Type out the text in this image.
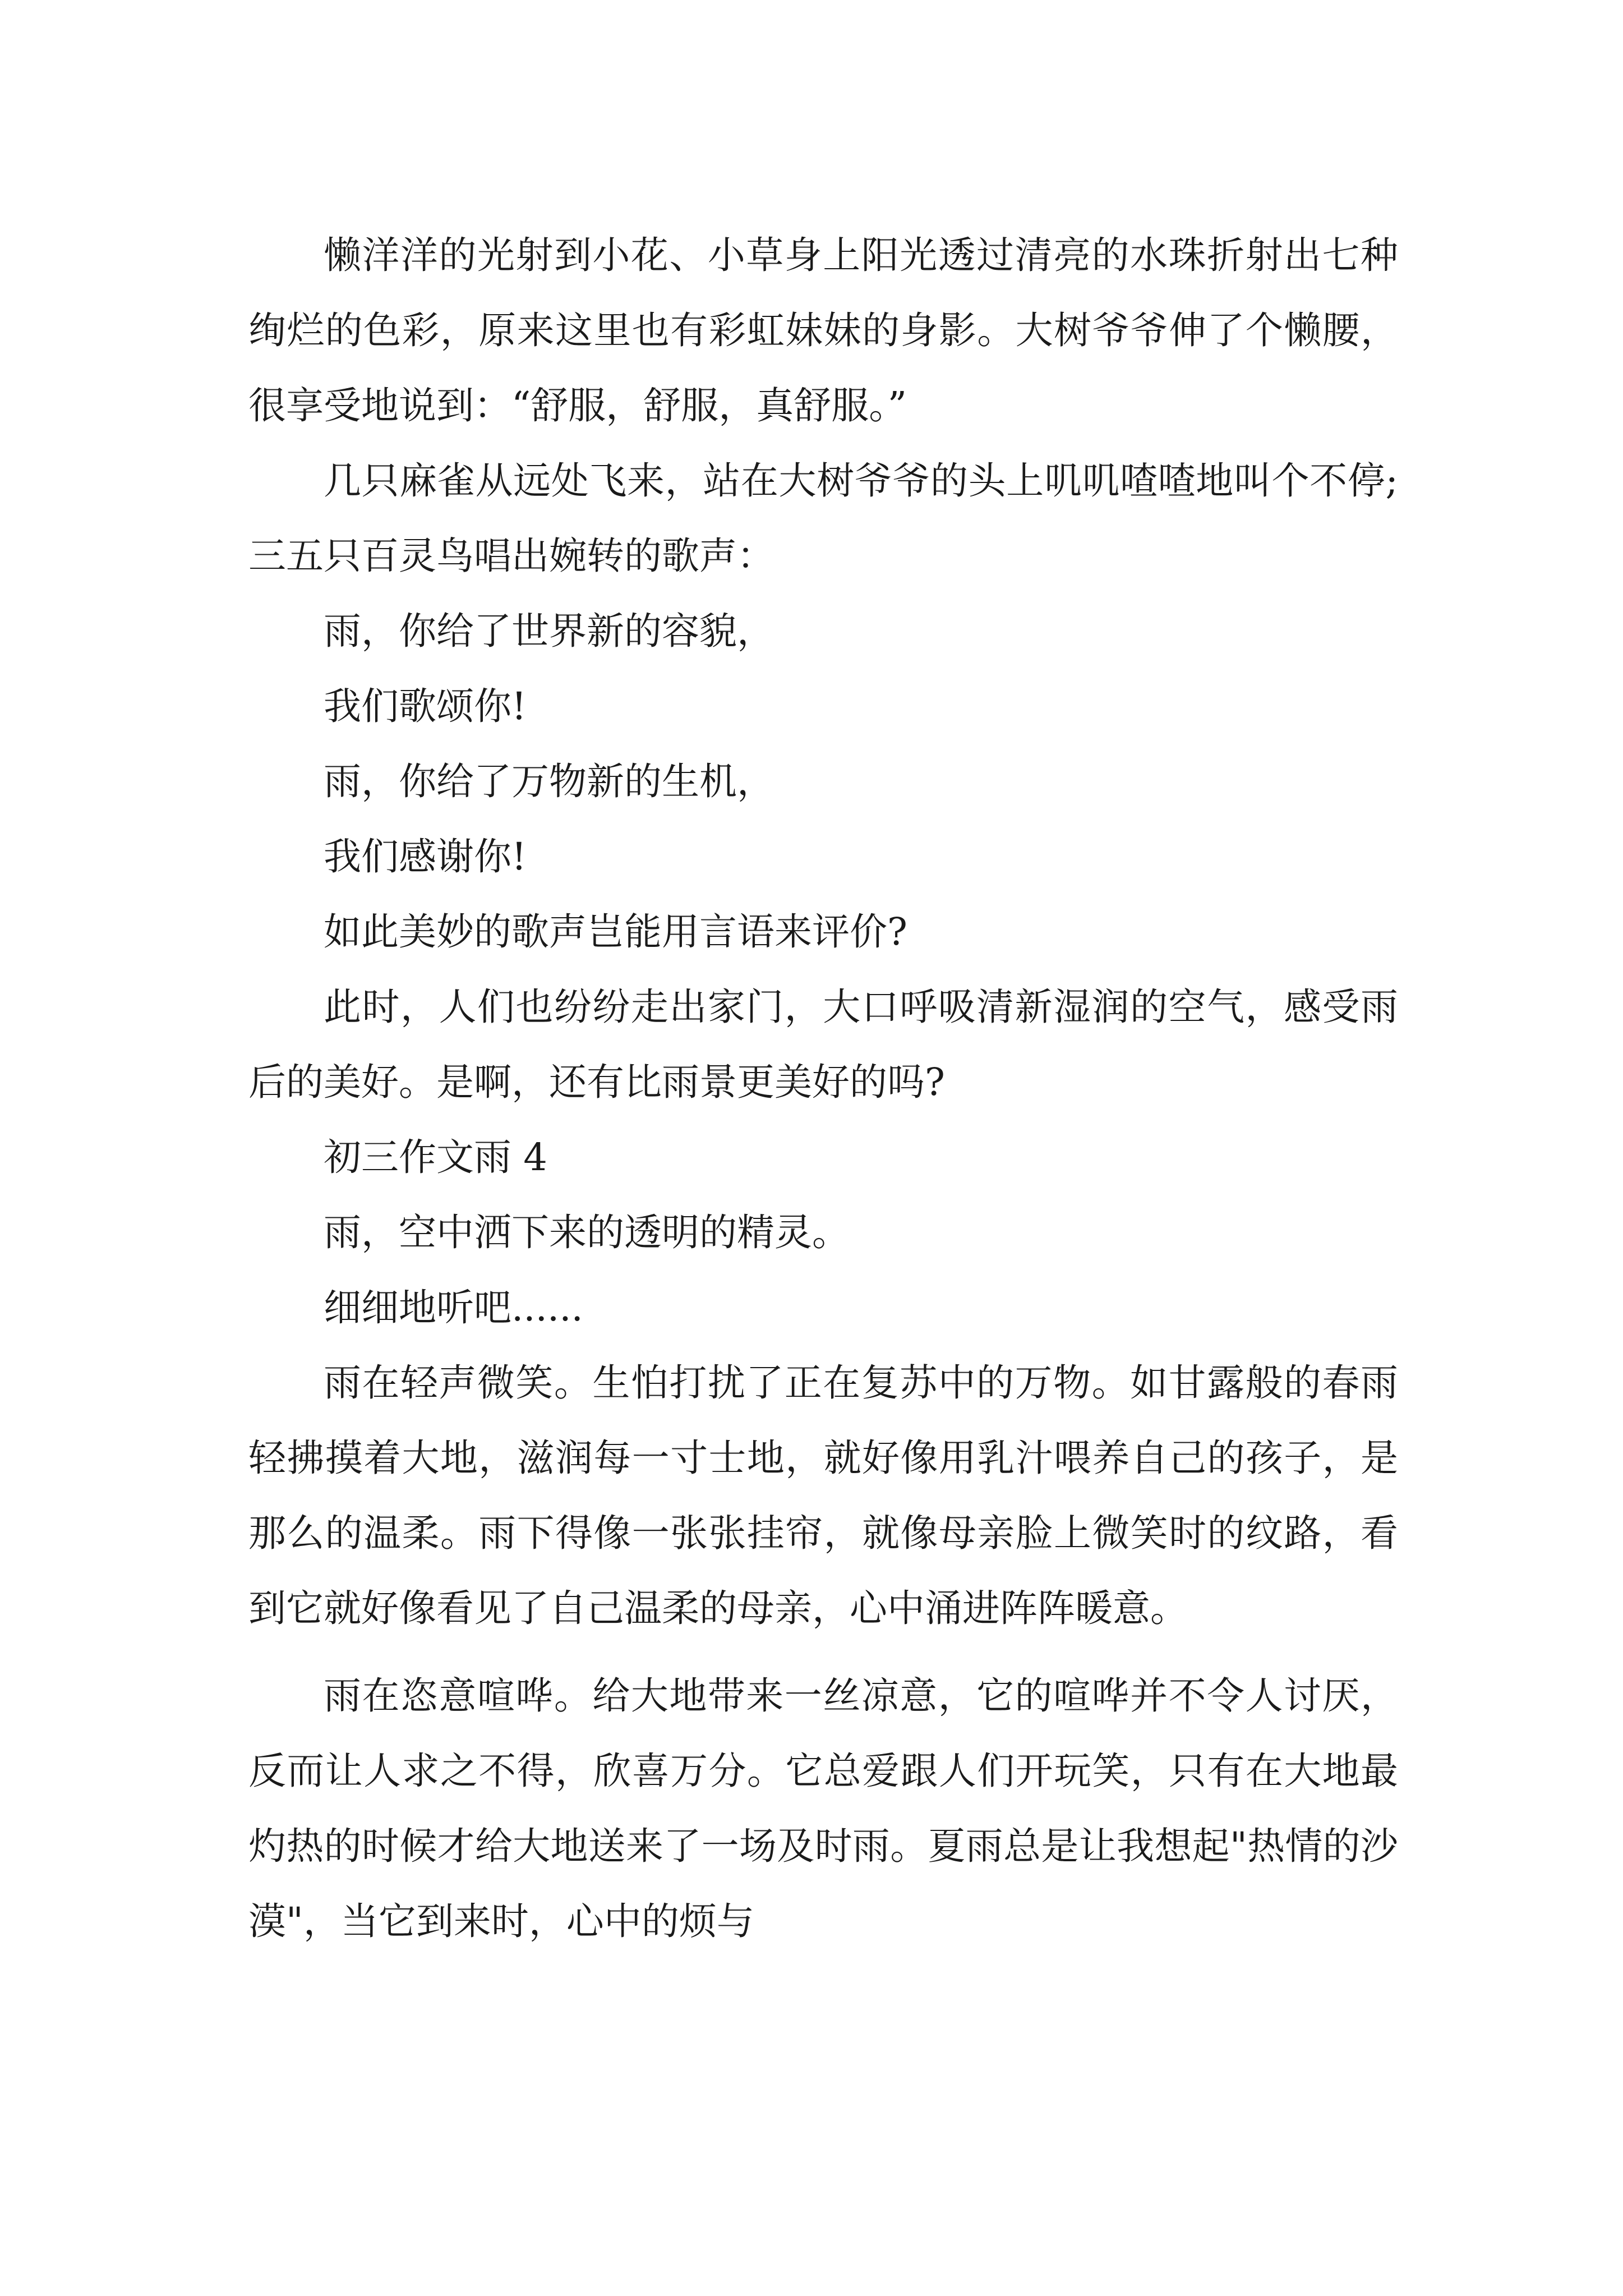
懒洋洋的光射到小花、小草身上阳光透过清亮的水珠折射出七种绚烂的色彩，原来这里也有彩虹妹妹的身影。大树爷爷伸了个懒腰，很享受地说到：“舒服，舒服，真舒服。”

几只麻雀从远处飞来，站在大树爷爷的头上叽叽喳喳地叫个不停;三五只百灵鸟唱出婉转的歌声：

雨，你给了世界新的容貌，

我们歌颂你!

雨，你给了万物新的生机，

我们感谢你!

如此美妙的歌声岂能用言语来评价?

此时，人们也纷纷走出家门，大口呼吸清新湿润的空气，感受雨后的美好。是啊，还有比雨景更美好的吗?

初三作文雨 4

雨，空中洒下来的透明的精灵。

细细地听吧......

雨在轻声微笑。生怕打扰了正在复苏中的万物。如甘露般的春雨轻拂摸着大地，滋润每一寸士地，就好像用乳汁喂养自己的孩子，是那么的温柔。雨下得像一张张挂帘，就像母亲脸上微笑时的纹路，看到它就好像看见了自己温柔的母亲，心中涌进阵阵暖意。

雨在恣意喧哗。给大地带来一丝凉意，它的喧哗并不令人讨厌，反而让人求之不得，欣喜万分。它总爱跟人们开玩笑，只有在大地最灼热的时候才给大地送来了一场及时雨。夏雨总是让我想起"热情的沙漠"，当它到来时，心中的烦与
